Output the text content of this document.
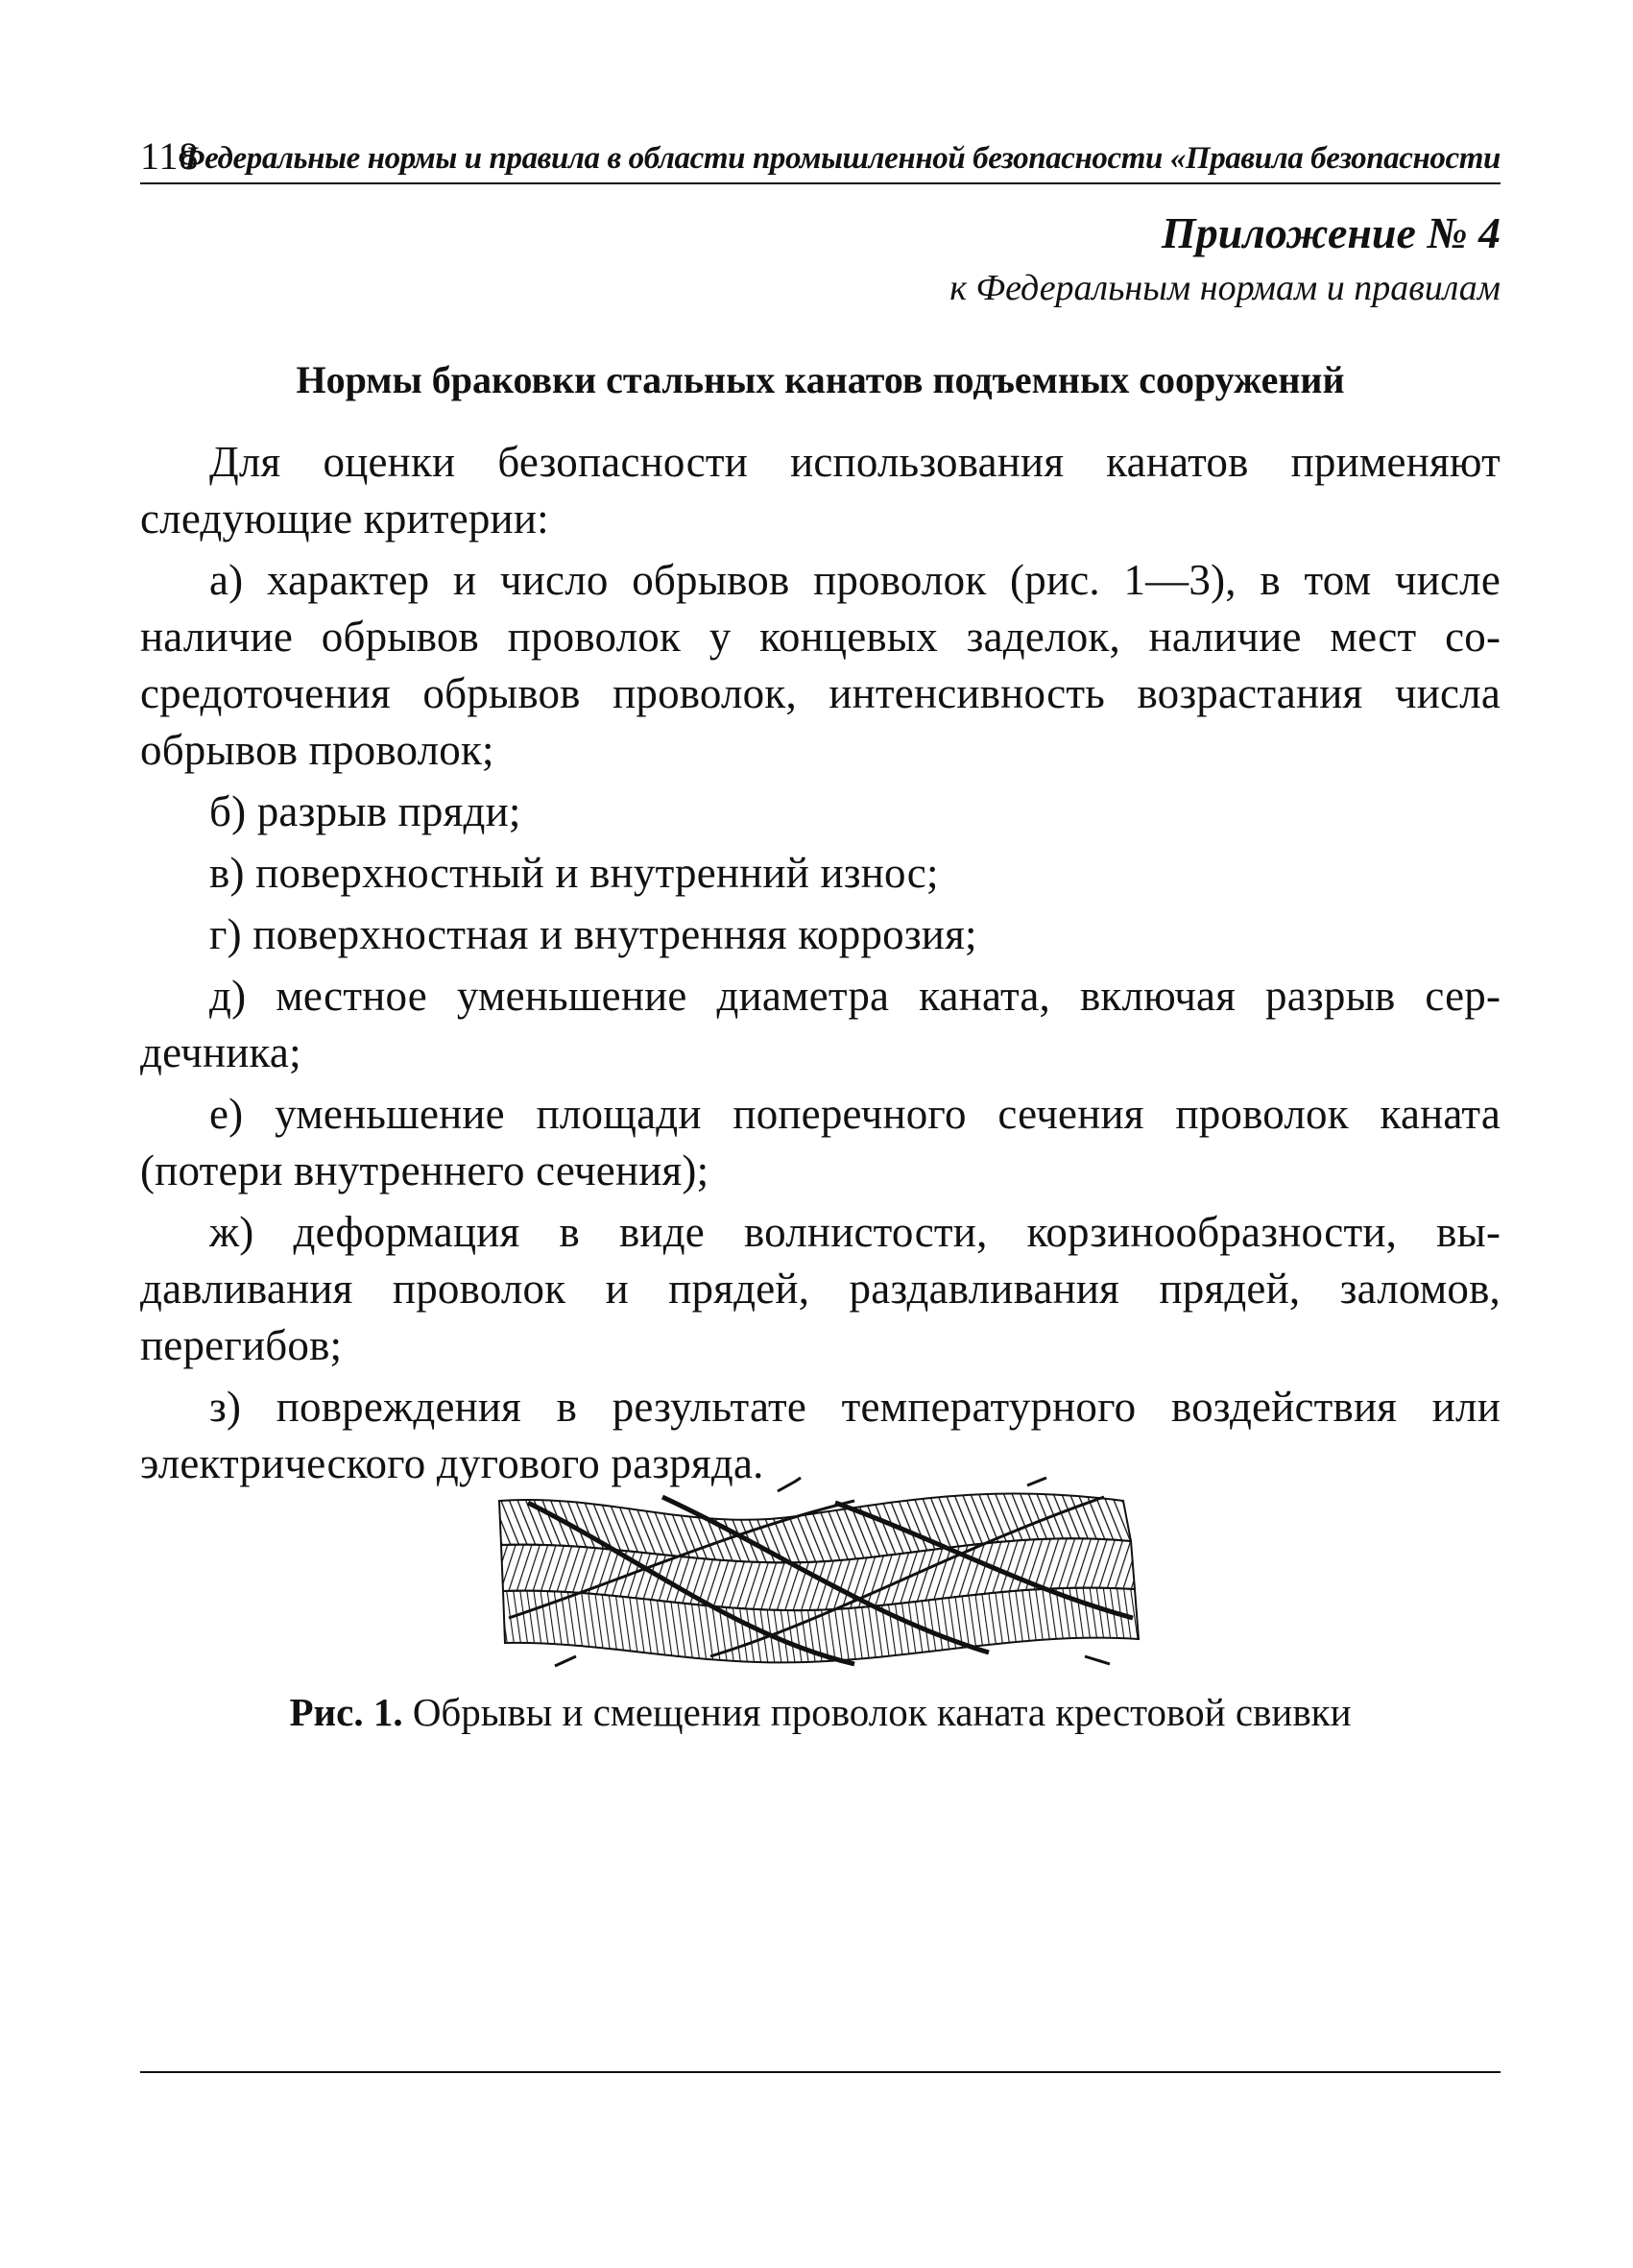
118
Федеральные нормы и правила в области промышленной безопасности «Правила безопасности
Приложение № 4
к Федеральным нормам и правилам
Нормы браковки стальных канатов подъемных сооружений

Для оценки безопасности использования канатов применяют следующие критерии:

а) характер и число обрывов проволок (рис. 1—3), в том числе наличие обрывов проволок у концевых заделок, наличие мест сосредоточения обрывов проволок, интенсивность возрастания числа обрывов проволок;

б) разрыв пряди;

в) поверхностный и внутренний износ;

г) поверхностная и внутренняя коррозия;

д) местное уменьшение диаметра каната, включая разрыв сердечника;

е) уменьшение площади поперечного сечения проволок каната (потери внутреннего сечения);

ж) деформация в виде волнистости, корзинообразности, выдавливания проволок и прядей, раздавливания прядей, заломов, перегибов;

з) повреждения в результате температурного воздействия или электрического дугового разряда.

Рис. 1. Обрывы и смещения проволок каната крестовой свивки
